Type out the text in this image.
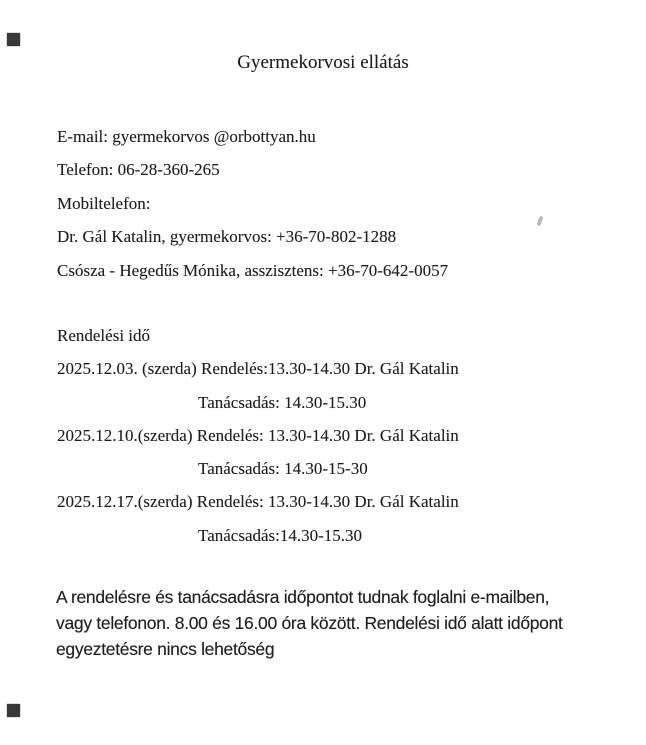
Gyermekorvosi ellátás
E-mail: gyermekorvos @orbottyan.hu
Telefon: 06-28-360-265
Mobiltelefon:
Dr. Gál Katalin, gyermekorvos: +36-70-802-1288
Csósza - Hegedűs Mónika, asszisztens: +36-70-642-0057
Rendelési idő
2025.12.03. (szerda) Rendelés:13.30-14.30 Dr. Gál Katalin
Tanácsadás: 14.30-15.30
2025.12.10.(szerda) Rendelés: 13.30-14.30 Dr. Gál Katalin
Tanácsadás: 14.30-15-30
2025.12.17.(szerda) Rendelés: 13.30-14.30 Dr. Gál Katalin
Tanácsadás:14.30-15.30
A rendelésre és tanácsadásra időpontot tudnak foglalni e-mailben,
vagy telefonon. 8.00 és 16.00 óra között. Rendelési idő alatt időpont
egyeztetésre nincs lehetőség
